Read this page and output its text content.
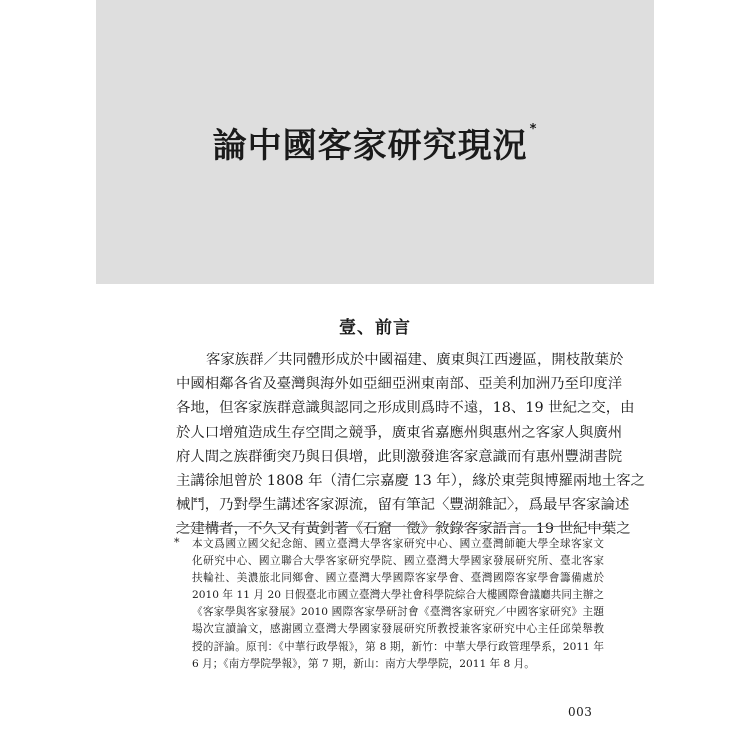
論中國客家研究現況 *
壹、前言
客家族群／共同體形成於中國福建、廣東與江西邊區，開枝散葉於
中國相鄰各省及臺灣與海外如亞細亞洲東南部、亞美利加洲乃至印度洋
各地，但客家族群意識與認同之形成則爲時不遠，18、19 世紀之交，由
於人口增殖造成生存空間之競爭，廣東省嘉應州與惠州之客家人與廣州
府人間之族群衝突乃與日俱增，此則激發進客家意識而有惠州豐湖書院
主講徐旭曾於 1808 年（清仁宗嘉慶 13 年），緣於東莞與博羅兩地土客之
械鬥，乃對學生講述客家源流，留有筆記〈豐湖雜記〉，爲最早客家論述
之建構者，不久又有黃釗著《石窟一徵》敘錄客家語言。19 世紀中葉之
* 本文爲國立國父紀念館、國立臺灣大學客家研究中心、國立臺灣師範大學全球客家文
化研究中心、國立聯合大學客家研究學院、國立臺灣大學國家發展研究所、臺北客家
扶輪社、美濃旅北同鄉會、國立臺灣大學國際客家學會、臺灣國際客家學會籌備處於
2010 年 11 月 20 日假臺北市國立臺灣大學社會科學院綜合大樓國際會議廳共同主辦之
《客家學與客家發展》2010 國際客家學研討會《臺灣客家研究／中國客家研究》主題
場次宣讀論文，感謝國立臺灣大學國家發展研究所教授兼客家研究中心主任邱榮舉教
授的評論。原刊：《中華行政學報》，第 8 期，新竹：中華大學行政管理學系，2011 年
6 月；《南方學院學報》，第 7 期，新山：南方大學學院，2011 年 8 月。
003
